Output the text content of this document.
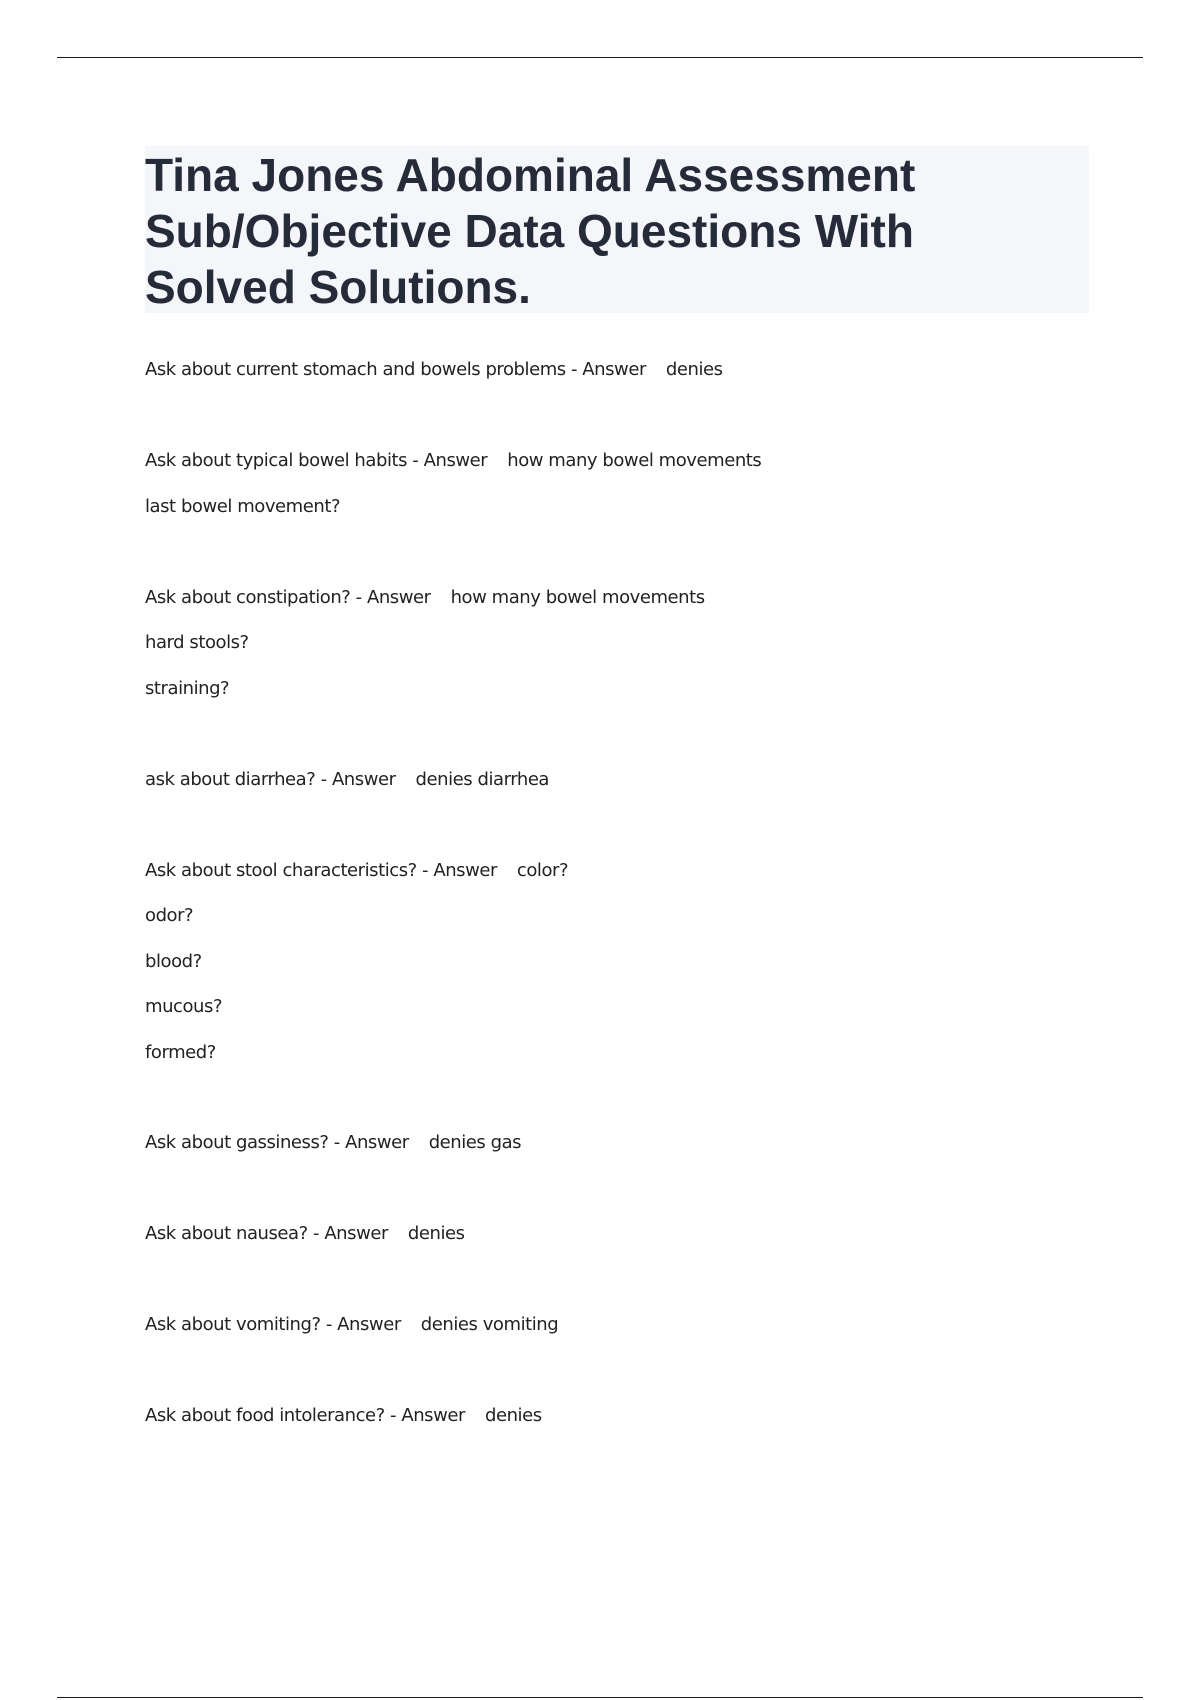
Tina Jones Abdominal Assessment
Sub/Objective Data Questions With
Solved Solutions.
Ask about current stomach and bowels problems - Answer denies
Ask about typical bowel habits - Answer how many bowel movements
last bowel movement?
Ask about constipation? - Answer how many bowel movements
hard stools?
straining?
ask about diarrhea? - Answer denies diarrhea
Ask about stool characteristics? - Answer color?
odor?
blood?
mucous?
formed?
Ask about gassiness? - Answer denies gas
Ask about nausea? - Answer denies
Ask about vomiting? - Answer denies vomiting
Ask about food intolerance? - Answer denies
